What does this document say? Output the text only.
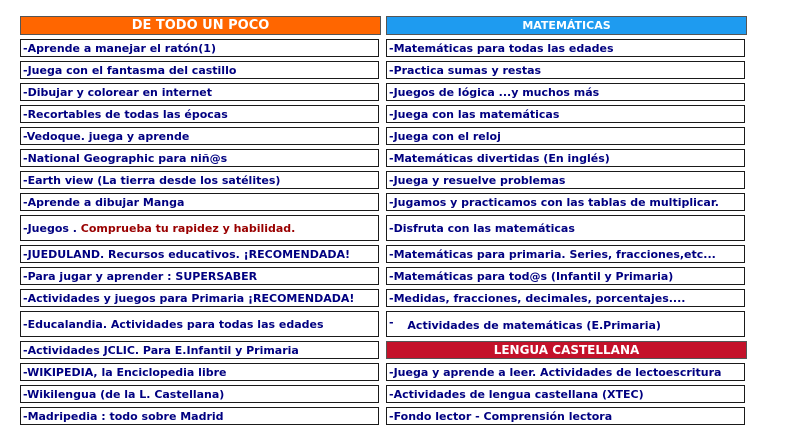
DE TODO UN POCO
-Aprende a manejar el ratón(1)
-Juega con el fantasma del castillo
-Dibujar y colorear en internet
-Recortables de todas las épocas
-Vedoque. juega y aprende
-National Geographic para niñ@s
-Earth view (La tierra desde los satélites)
-Aprende a dibujar Manga
-Juegos . Comprueba tu rapidez y habilidad.
-JUEDULAND. Recursos educativos. ¡RECOMENDADA!
-Para jugar y aprender : SUPERSABER
-Actividades y juegos para Primaria ¡RECOMENDADA!
-Educalandia. Actividades para todas las edades
-Actividades JCLIC. Para E.Infantil y Primaria
-WIKIPEDIA, la Enciclopedia libre
-Wikilengua (de la L. Castellana)
-Madripedia : todo sobre Madrid
MATEMÁTICAS
-Matemáticas para todas las edades
-Practica sumas y restas
-Juegos de lógica ...y muchos más
-Juega con las matemáticas
-Juega con el reloj
-Matemáticas divertidas (En inglés)
-Juega y resuelve problemas
-Jugamos y practicamos con las tablas de multiplicar.
-Disfruta con las matemáticas
-Matemáticas para primaria. Series, fracciones,etc...
-Matemáticas para tod@s (Infantil y Primaria)
-Medidas, fracciones, decimales, porcentajes....
- Actividades de matemáticas (E.Primaria)
LENGUA CASTELLANA
-Juega y aprende a leer. Actividades de lectoescritura
-Actividades de lengua castellana (XTEC)
-Fondo lector - Comprensión lectora
